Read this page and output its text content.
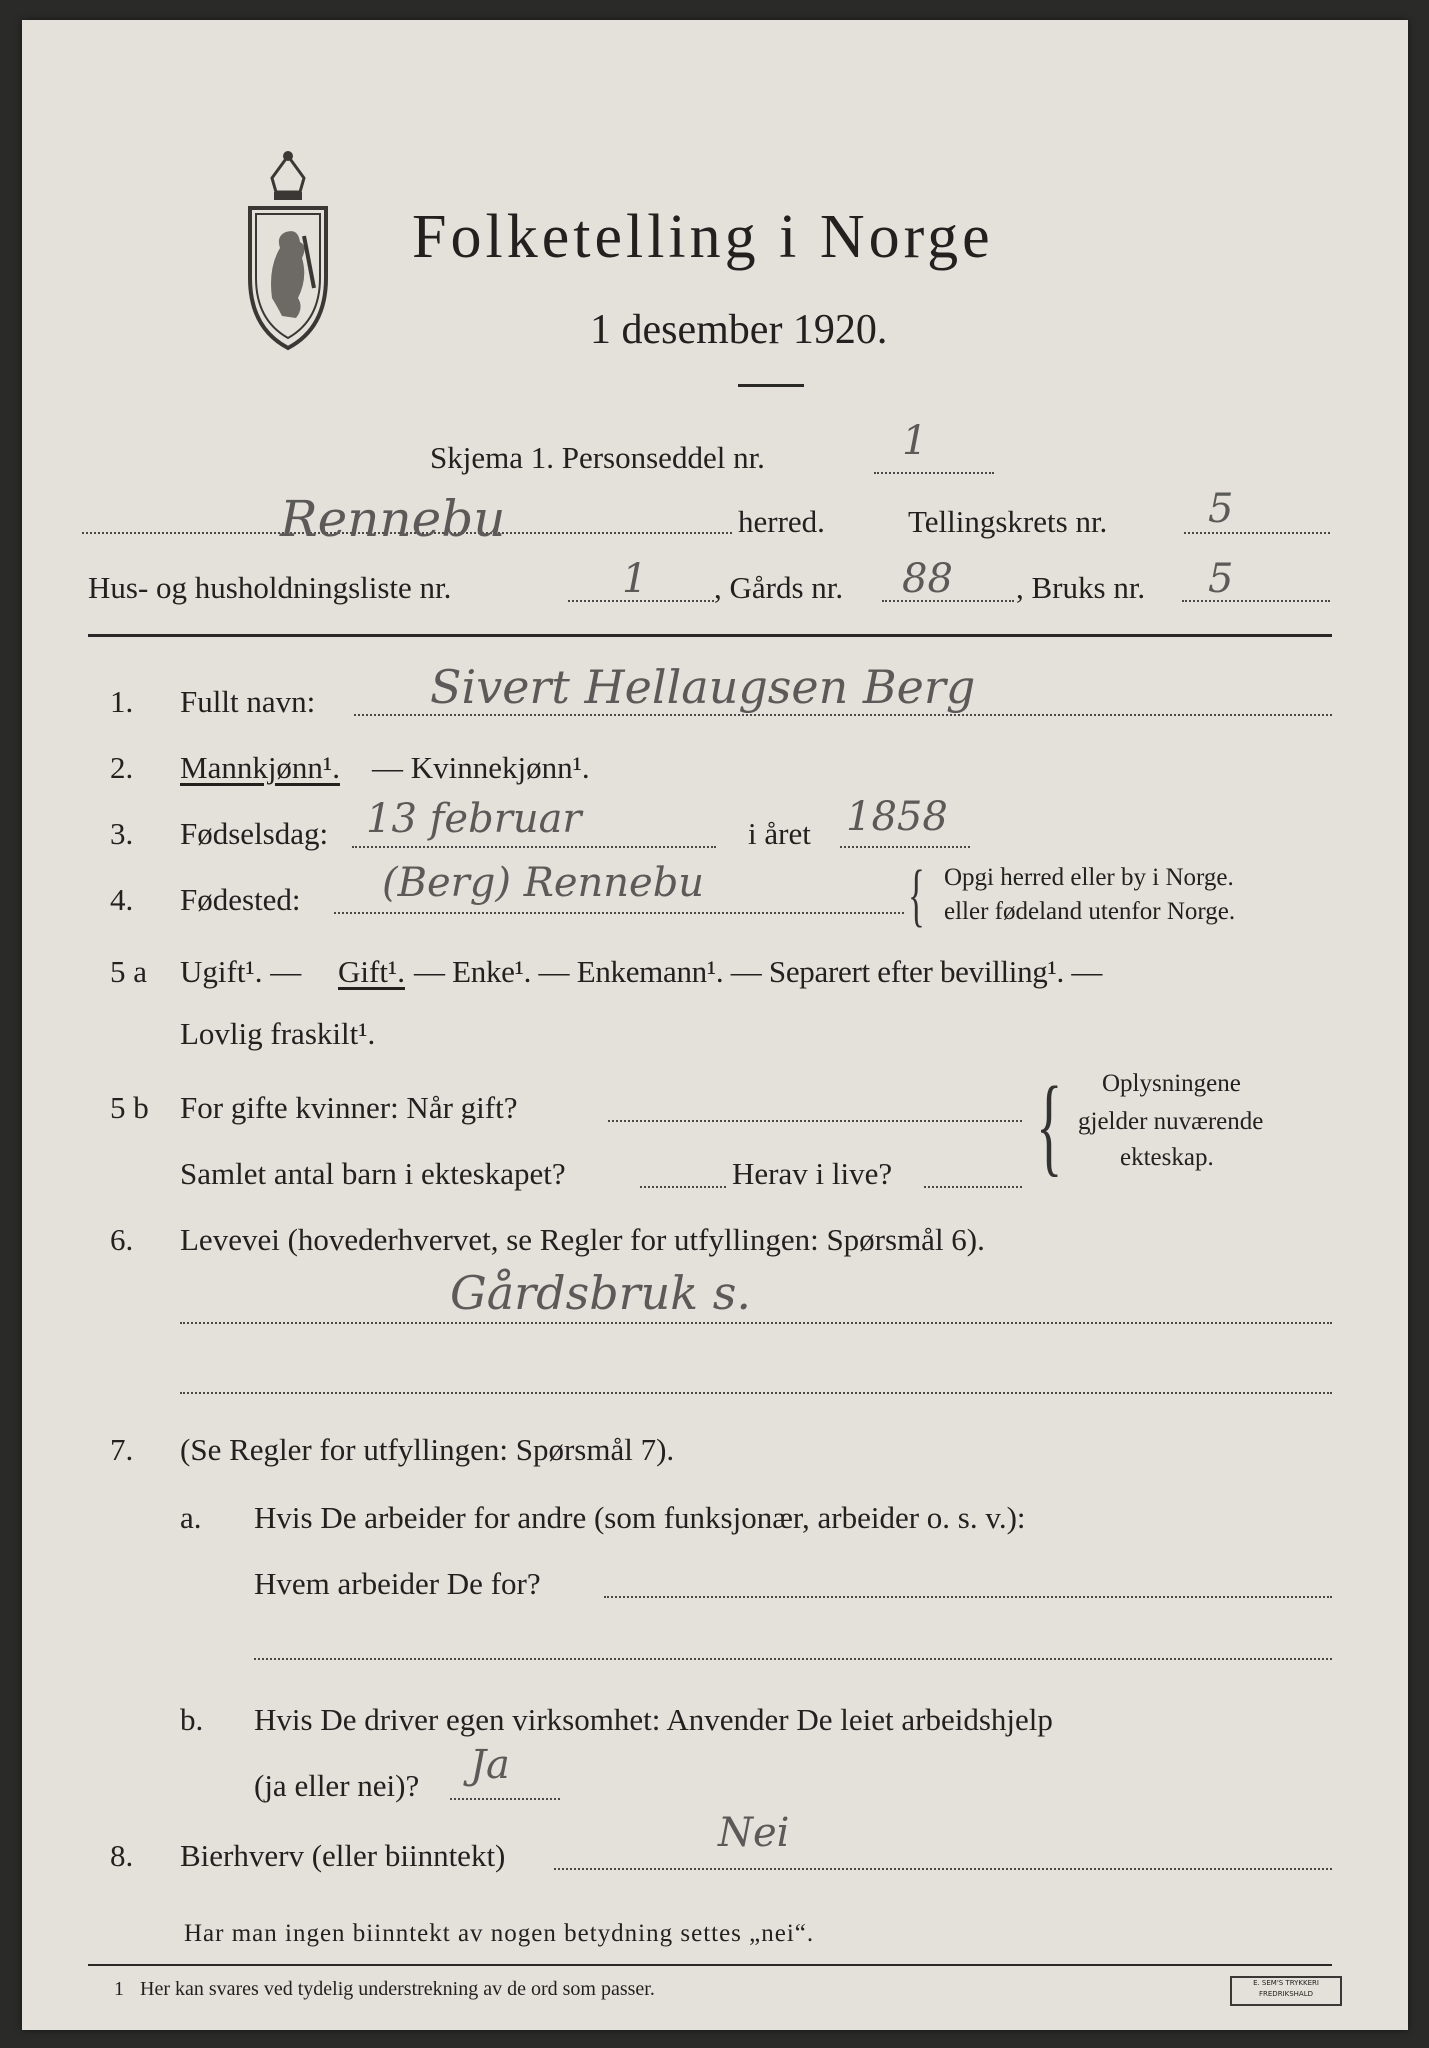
Folketelling i Norge
1 desember 1920.
Skjema 1. Personseddel nr.	1
Rennebu	herred.	Tellingskrets nr.	5
Hus- og husholdningsliste nr.	1 , Gårds nr. 88 , Bruks nr. 5
1. Fullt navn: Sivert Hellaugsen Berg
2. Mannkjønn¹. — Kvinnekjønn¹.
3. Fødselsdag: 13 februar	i året 1858
4. Fødested: (Berg) Rennebu	{ Opgi herred eller by i Norge.
eller fødeland utenfor Norge.
5 a Ugift¹. — Gift¹. — Enke¹. — Enkemann¹. — Separert efter bevilling¹. —
Lovlig fraskilt¹.
5 b For gifte kvinner: Når gift?
Samlet antal barn i ekteskapet?	Herav i live? { Oplysningene
gjelder nuværende
ekteskap.
6. Levevei (hovederhvervet, se Regler for utfyllingen: Spørsmål 6).
Gårdsbruk s.
7. (Se Regler for utfyllingen: Spørsmål 7).
a. Hvis De arbeider for andre (som funksjonær, arbeider o. s. v.):
Hvem arbeider De for?
b. Hvis De driver egen virksomhet: Anvender De leiet arbeidshjelp
(ja eller nei)? Ja
8. Bierhverv (eller biinntekt)	Nei
Har man ingen biinntekt av nogen betydning settes „nei“.
1 Her kan svares ved tydelig understrekning av de ord som passer.	E. SEM'S TRYKKERI FREDRIKSHALD
